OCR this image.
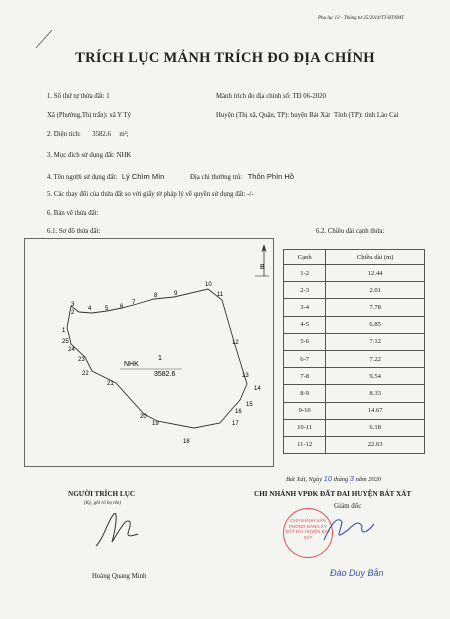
Phụ lục 13 - Thông tư 25/2014/TT-BTNMT
TRÍCH LỤC MẢNH TRÍCH ĐO ĐỊA CHÍNH
1. Số thứ tự thửa đất: 1	Mảnh trích đo địa chính số: TĐ 06-2020
Xã (Phường,Thị trấn): xã Y Tý	Huyện (Thị xã, Quận, TP): huyện Bát Xát Tỉnh (TP): tỉnh Lào Cai
2. Diện tích: 3582.6 m²;
3. Mục đích sử dụng đất: NHK
4. Tên người sử dụng đất: Lý Chìm Mìn	Địa chỉ thường trú: Thôn Phìn Hồ
5. Các thay đổi của thửa đất so với giấy tờ pháp lý về quyền sử dụng đất: -/-
6. Bản vẽ thửa đất:
6.1. Sơ đồ thửa đất:	6.2. Chiều dài cạnh thửa:
B
NHK
1
3582.6
1
2
3
4 5 6
7
8	9
10
11
12
13
14
15
16
17
18
19
20
21
22
23
24
25
Cạnh	Chiều dài (m)
1-2	12.44
2-3	2.01
3-4	7.78
4-5	6.85
5-6	7.12
6-7	7.22
7-8	9.54
8-9	8.33
9-10	14.67
10-11	6.18
11-12	22.63
Bát Xát, Ngày 10 tháng 3 năm 2020
NGƯỜI TRÍCH LỤC
(Ký, ghi rõ họ tên)
Hoàng Quang Minh
CHI NHÁNH VPĐK ĐẤT ĐAI HUYỆN BÁT XÁT
Giám đốc
CHI NHÁNH VĂN PHÒNG ĐĂNG KÝ ĐẤT ĐAI HUYỆN BÁT XÁT
Đào Duy Bằn
